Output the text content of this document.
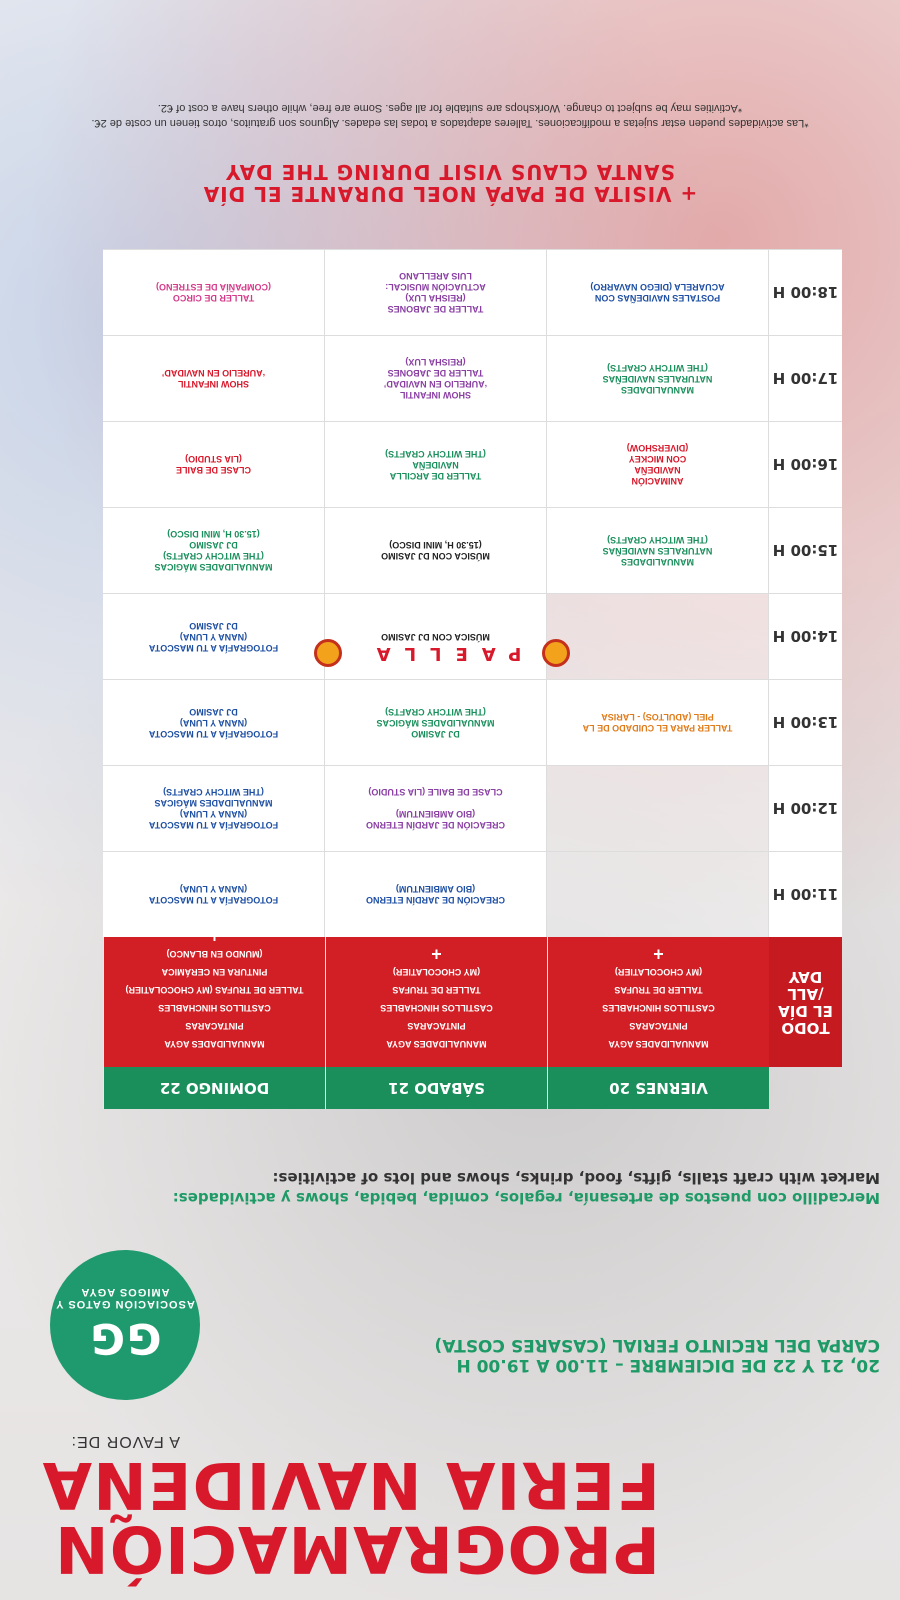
PROGRAMACIÓN
FERIA NAVIDEÑA
GG
ASOCIACIÓN GATOS Y AMIGOS AGYA
A FAVOR DE:
20, 21 Y 22 DE DICIEMBRE – 11.00 A 19.00 H
CARPA DEL RECINTO FERIAL (CASARES COSTA)
Mercadillo con puestos de artesanía, regalos, comida, bebida, shows y actividades:
Market with craft stalls, gifts, food, drinks, shows and lots of activities:
VIERNES 20
SÁBADO 21
DOMINGO 22
TODO EL DÍA /ALL DAY
MANUALIDADES AGYA
PINTACARAS
CASTILLOS HINCHABLES
TALLER DE TRUFAS
(MY CHOCOLATIER)
+
MANUALIDADES AGYA
PINTACARAS
CASTILLOS HINCHABLES
TALLER DE TRUFAS
(MY CHOCOLATIER)
+
MANUALIDADES AGYA
PINTACARAS
CASTILLOS HINCHABLES
TALLER DE TRUFAS (MY CHOCOLATIER)
PINTURA EN CERÁMICA
(MUNDO EN BLANCO)
11:00 H
CREACIÓN DE JARDÍN ETERNO
(BIO AMBIENTUM)
FOTOGRAFÍA A TU MASCOTA
(NANA Y LUNA)
12:00 H
CREACIÓN DE JARDÍN ETERNO
(BIO AMBIENTUM)

CLASE DE BAILE (LIA STUDIO)
FOTOGRAFÍA A TU MASCOTA
(NANA Y LUNA)
MANUALIDADES MÁGICAS
(THE WITCHY CRAFTS)
13:00 H
TALLER PARA EL CUIDADO DE LA
PIEL (ADULTOS) - LARISA
DJ JASIMO
MANUALIDADES MÁGICAS
(THE WITCHY CRAFTS)
FOTOGRAFÍA A TU MASCOTA
(NANA Y LUNA)
DJ JASIMO
14:00 H
MÚSICA CON DJ JASIMO
FOTOGRAFÍA A TU MASCOTA
(NANA Y LUNA)
DJ JASIMO
15:00 H
MANUALIDADES
NATURALES NAVIDEÑAS
(THE WITCHY CRAFTS)
MÚSICA CON DJ JASIMO
(15.30 H, MINI DISCO)
MANUALIDADES MÁGICAS
(THE WITCHY CRAFTS)
DJ JASIMO
(15.30 H, MINI DISCO)
16:00 H
ANIMACIÓN
NAVIDEÑA
CON MICKEY
(DIVERSHOW)
TALLER DE ARCILLA
NAVIDEÑA
(THE WITCHY CRAFTS)
CLASE DE BAILE
(LIA STUDIO)
17:00 H
MANUALIDADES
NATURALES NAVIDEÑAS
(THE WITCHY CRAFTS)
SHOW INFANTIL
‘AURELIO EN NAVIDAD’
TALLER DE JABONES
(REISHA LUX)
SHOW INFANTIL
‘AURELIO EN NAVIDAD’
18:00 H
POSTALES NAVIDEÑAS CON
ACUARELA (DIEGO NAVARRO)
TALLER DE JABONES
(REISHA LUX)
ACTUACIÓN MUSICAL:
LUIS ARELLANO
TALLER DE CIRCO
(COMPAÑÍA DE ESTRENO)
PAELLA
+ VISITA DE PAPÁ NOEL DURANTE EL DÍA
SANTA CLAUS VISIT DURING THE DAY
*Las actividades pueden estar sujetas a modificaciones. Talleres adaptados a todas las edades. Algunos son gratuitos, otros tienen un coste de 2€.
*Activities may be subject to change. Workshops are suitable for all ages. Some are free, while others have a cost of €2.
